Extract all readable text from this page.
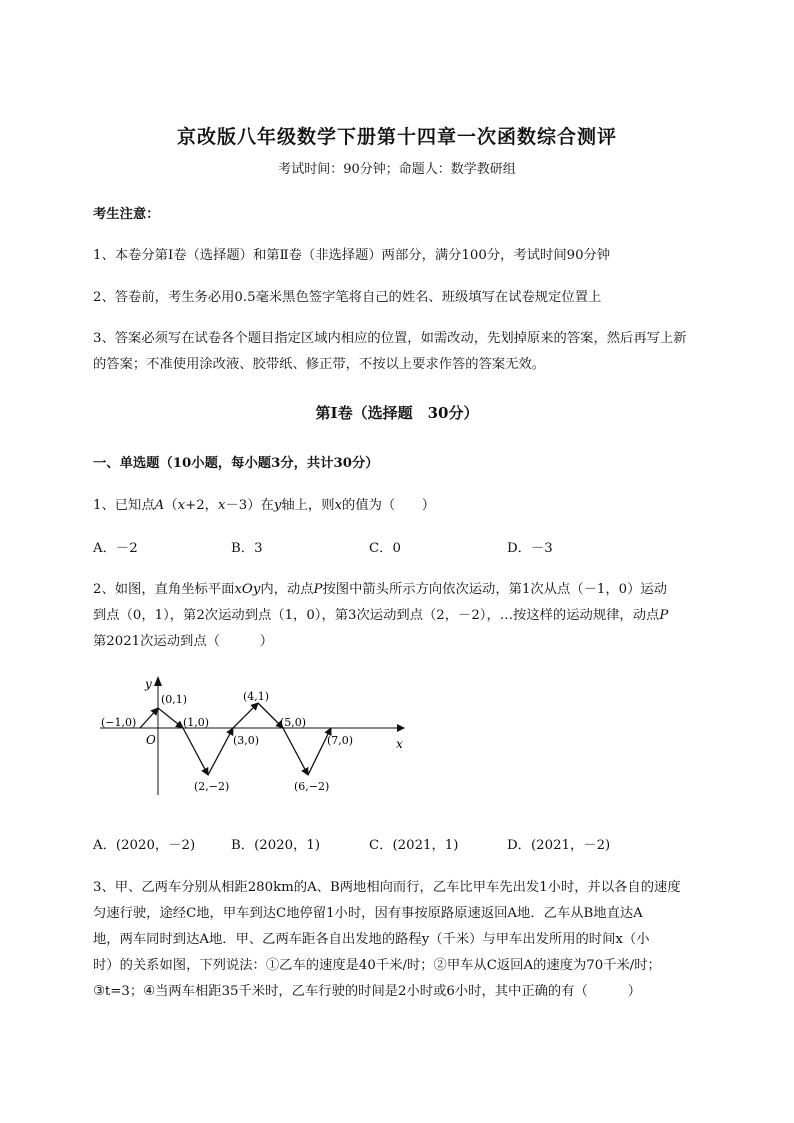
京改版八年级数学下册第十四章一次函数综合测评
考试时间：90分钟；命题人：数学教研组
考生注意：
1、本卷分第I卷（选择题）和第Ⅱ卷（非选择题）两部分，满分100分，考试时间90分钟
2、答卷前，考生务必用0.5毫米黑色签字笔将自己的姓名、班级填写在试卷规定位置上
3、答案必须写在试卷各个题目指定区域内相应的位置，如需改动，先划掉原来的答案，然后再写上新
的答案；不准使用涂改液、胶带纸、修正带，不按以上要求作答的答案无效。
第I卷（选择题　30分）
一、单选题（10小题，每小题3分，共计30分）
1、已知点A（x+2，x－3）在y轴上，则x的值为（　　）
A．－2	B．3	C．0	D．－3
2、如图，直角坐标平面xOy内，动点P按图中箭头所示方向依次运动，第1次从点（－1，0）运动
到点（0，1），第2次运动到点（1，0），第3次运动到点（2，－2），…按这样的运动规律，动点P
第2021次运动到点（　　　）
(−1,0)
(0,1)
(1,0)
(2,−2)
(3,0)
(4,1)
(5,0)
(6,−2)
(7,0)
O
y
x
A．(2020，－2)	B．(2020，1)	C．(2021，1)	D．(2021，－2)
3、甲、乙两车分别从相距280km的A、B两地相向而行，乙车比甲车先出发1小时，并以各自的速度
匀速行驶，途经C地，甲车到达C地停留1小时，因有事按原路原速返回A地．乙车从B地直达A
地，两车同时到达A地．甲、乙两车距各自出发地的路程y（千米）与甲车出发所用的时间x（小
时）的关系如图，下列说法：①乙车的速度是40千米/时；②甲车从C返回A的速度为70千米/时；
③t=3；④当两车相距35千米时，乙车行驶的时间是2小时或6小时，其中正确的有（　　　）
